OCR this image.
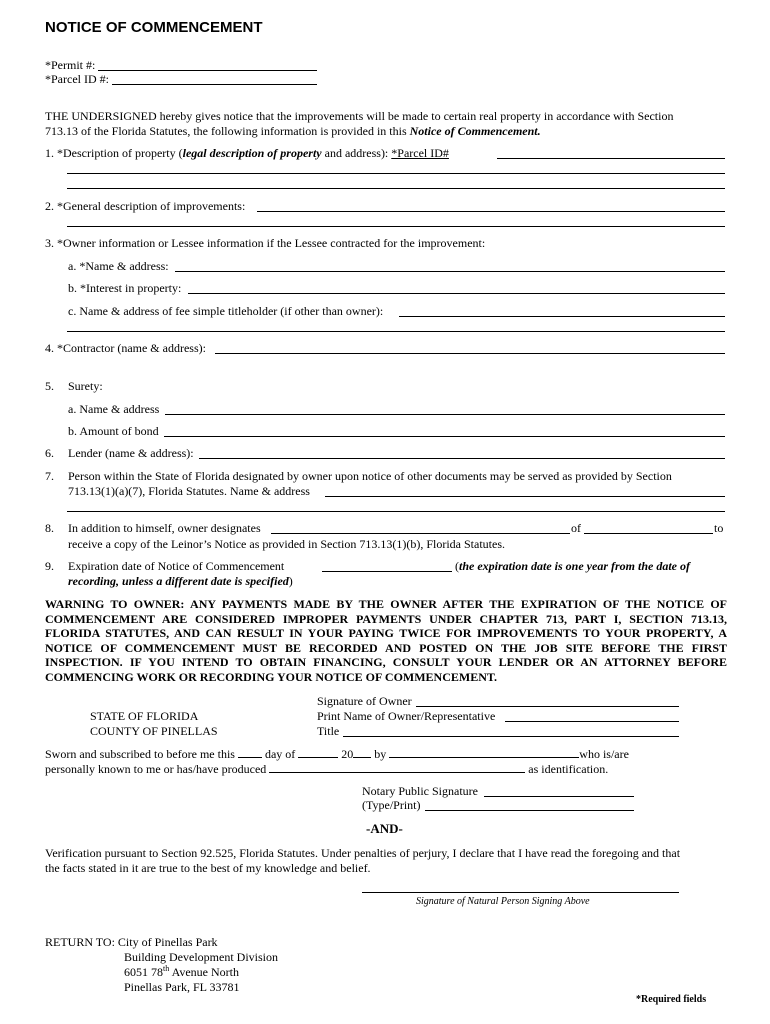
NOTICE OF COMMENCEMENT
*Permit #:
*Parcel ID #:
THE UNDERSIGNED hereby gives notice that the improvements will be made to certain real property in accordance with Section
713.13 of the Florida Statutes, the following information is provided in this Notice of Commencement.
1. *Description of property (legal description of property and address): *Parcel ID#
2. *General description of improvements:
3. *Owner information or Lessee information if the Lessee contracted for the improvement:
a. *Name & address:
b. *Interest in property:
c. Name & address of fee simple titleholder (if other than owner):
4. *Contractor (name & address):
5. Surety:
a. Name & address
b. Amount of bond
6. Lender (name & address):
7. Person within the State of Florida designated by owner upon notice of other documents may be served as provided by Section
713.13(1)(a)(7), Florida Statutes. Name & address
8. In addition to himself, owner designates	of	to
receive a copy of the Leinor’s Notice as provided in Section 713.13(1)(b), Florida Statutes.
9. Expiration date of Notice of Commencement	(the expiration date is one year from the date of
recording, unless a different date is specified)
WARNING TO OWNER: ANY PAYMENTS MADE BY THE OWNER AFTER THE EXPIRATION OF THE NOTICE OF COMMENCEMENT ARE CONSIDERED IMPROPER PAYMENTS UNDER CHAPTER 713, PART I, SECTION 713.13, FLORIDA STATUTES, AND CAN RESULT IN YOUR PAYING TWICE FOR IMPROVEMENTS TO YOUR PROPERTY, A NOTICE OF COMMENCEMENT MUST BE RECORDED AND POSTED ON THE JOB SITE BEFORE THE FIRST INSPECTION. IF YOU INTEND TO OBTAIN FINANCING, CONSULT YOUR LENDER OR AN ATTORNEY BEFORE COMMENCING WORK OR RECORDING YOUR NOTICE OF COMMENCEMENT.
Signature of Owner
STATE OF FLORIDA	Print Name of Owner/Representative
COUNTY OF PINELLAS	Title
Sworn and subscribed to before me this  day of	20 by	who is/are
personally known to me or has/have produced	as identification.
Notary Public Signature
(Type/Print)
-AND-
Verification pursuant to Section 92.525, Florida Statutes. Under penalties of perjury, I declare that I have read the foregoing and that
the facts stated in it are true to the best of my knowledge and belief.
Signature of Natural Person Signing Above
RETURN TO: City of Pinellas Park
Building Development Division
6051 78th Avenue North
Pinellas Park, FL 33781
*Required fields
